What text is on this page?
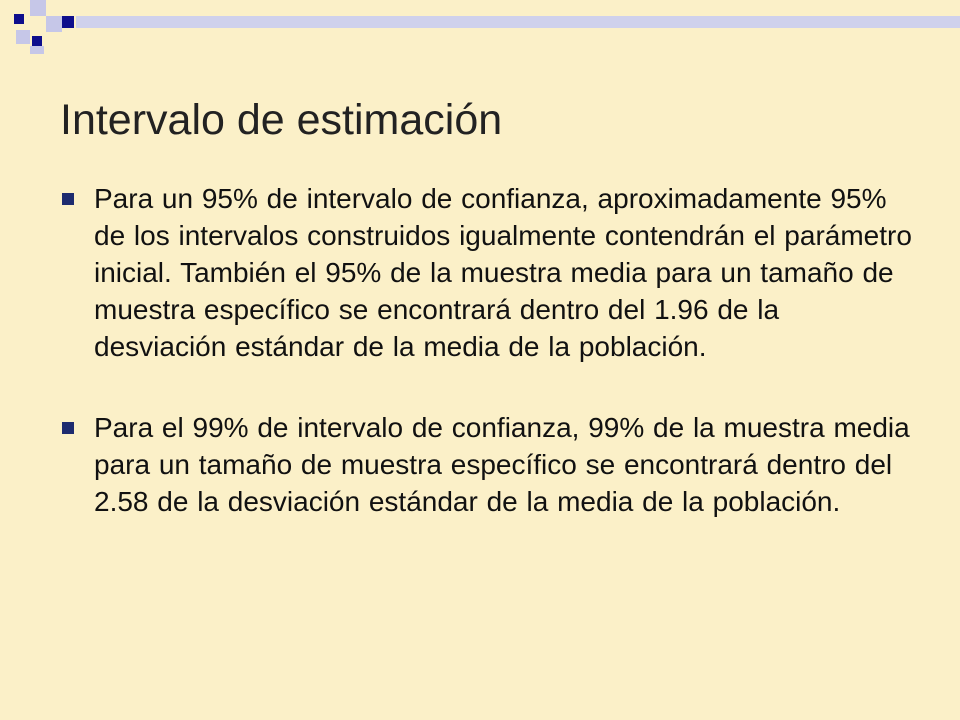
Intervalo de estimación
Para un 95% de intervalo de confianza, aproximadamente 95% de los intervalos construidos igualmente contendrán el parámetro inicial. También el 95% de la muestra media para un tamaño de muestra específico se encontrará dentro del 1.96 de la desviación estándar de la media de la población.
Para el 99% de intervalo de confianza, 99% de la muestra media para un tamaño de muestra específico se encontrará dentro del 2.58 de la desviación estándar de la media de la población.
